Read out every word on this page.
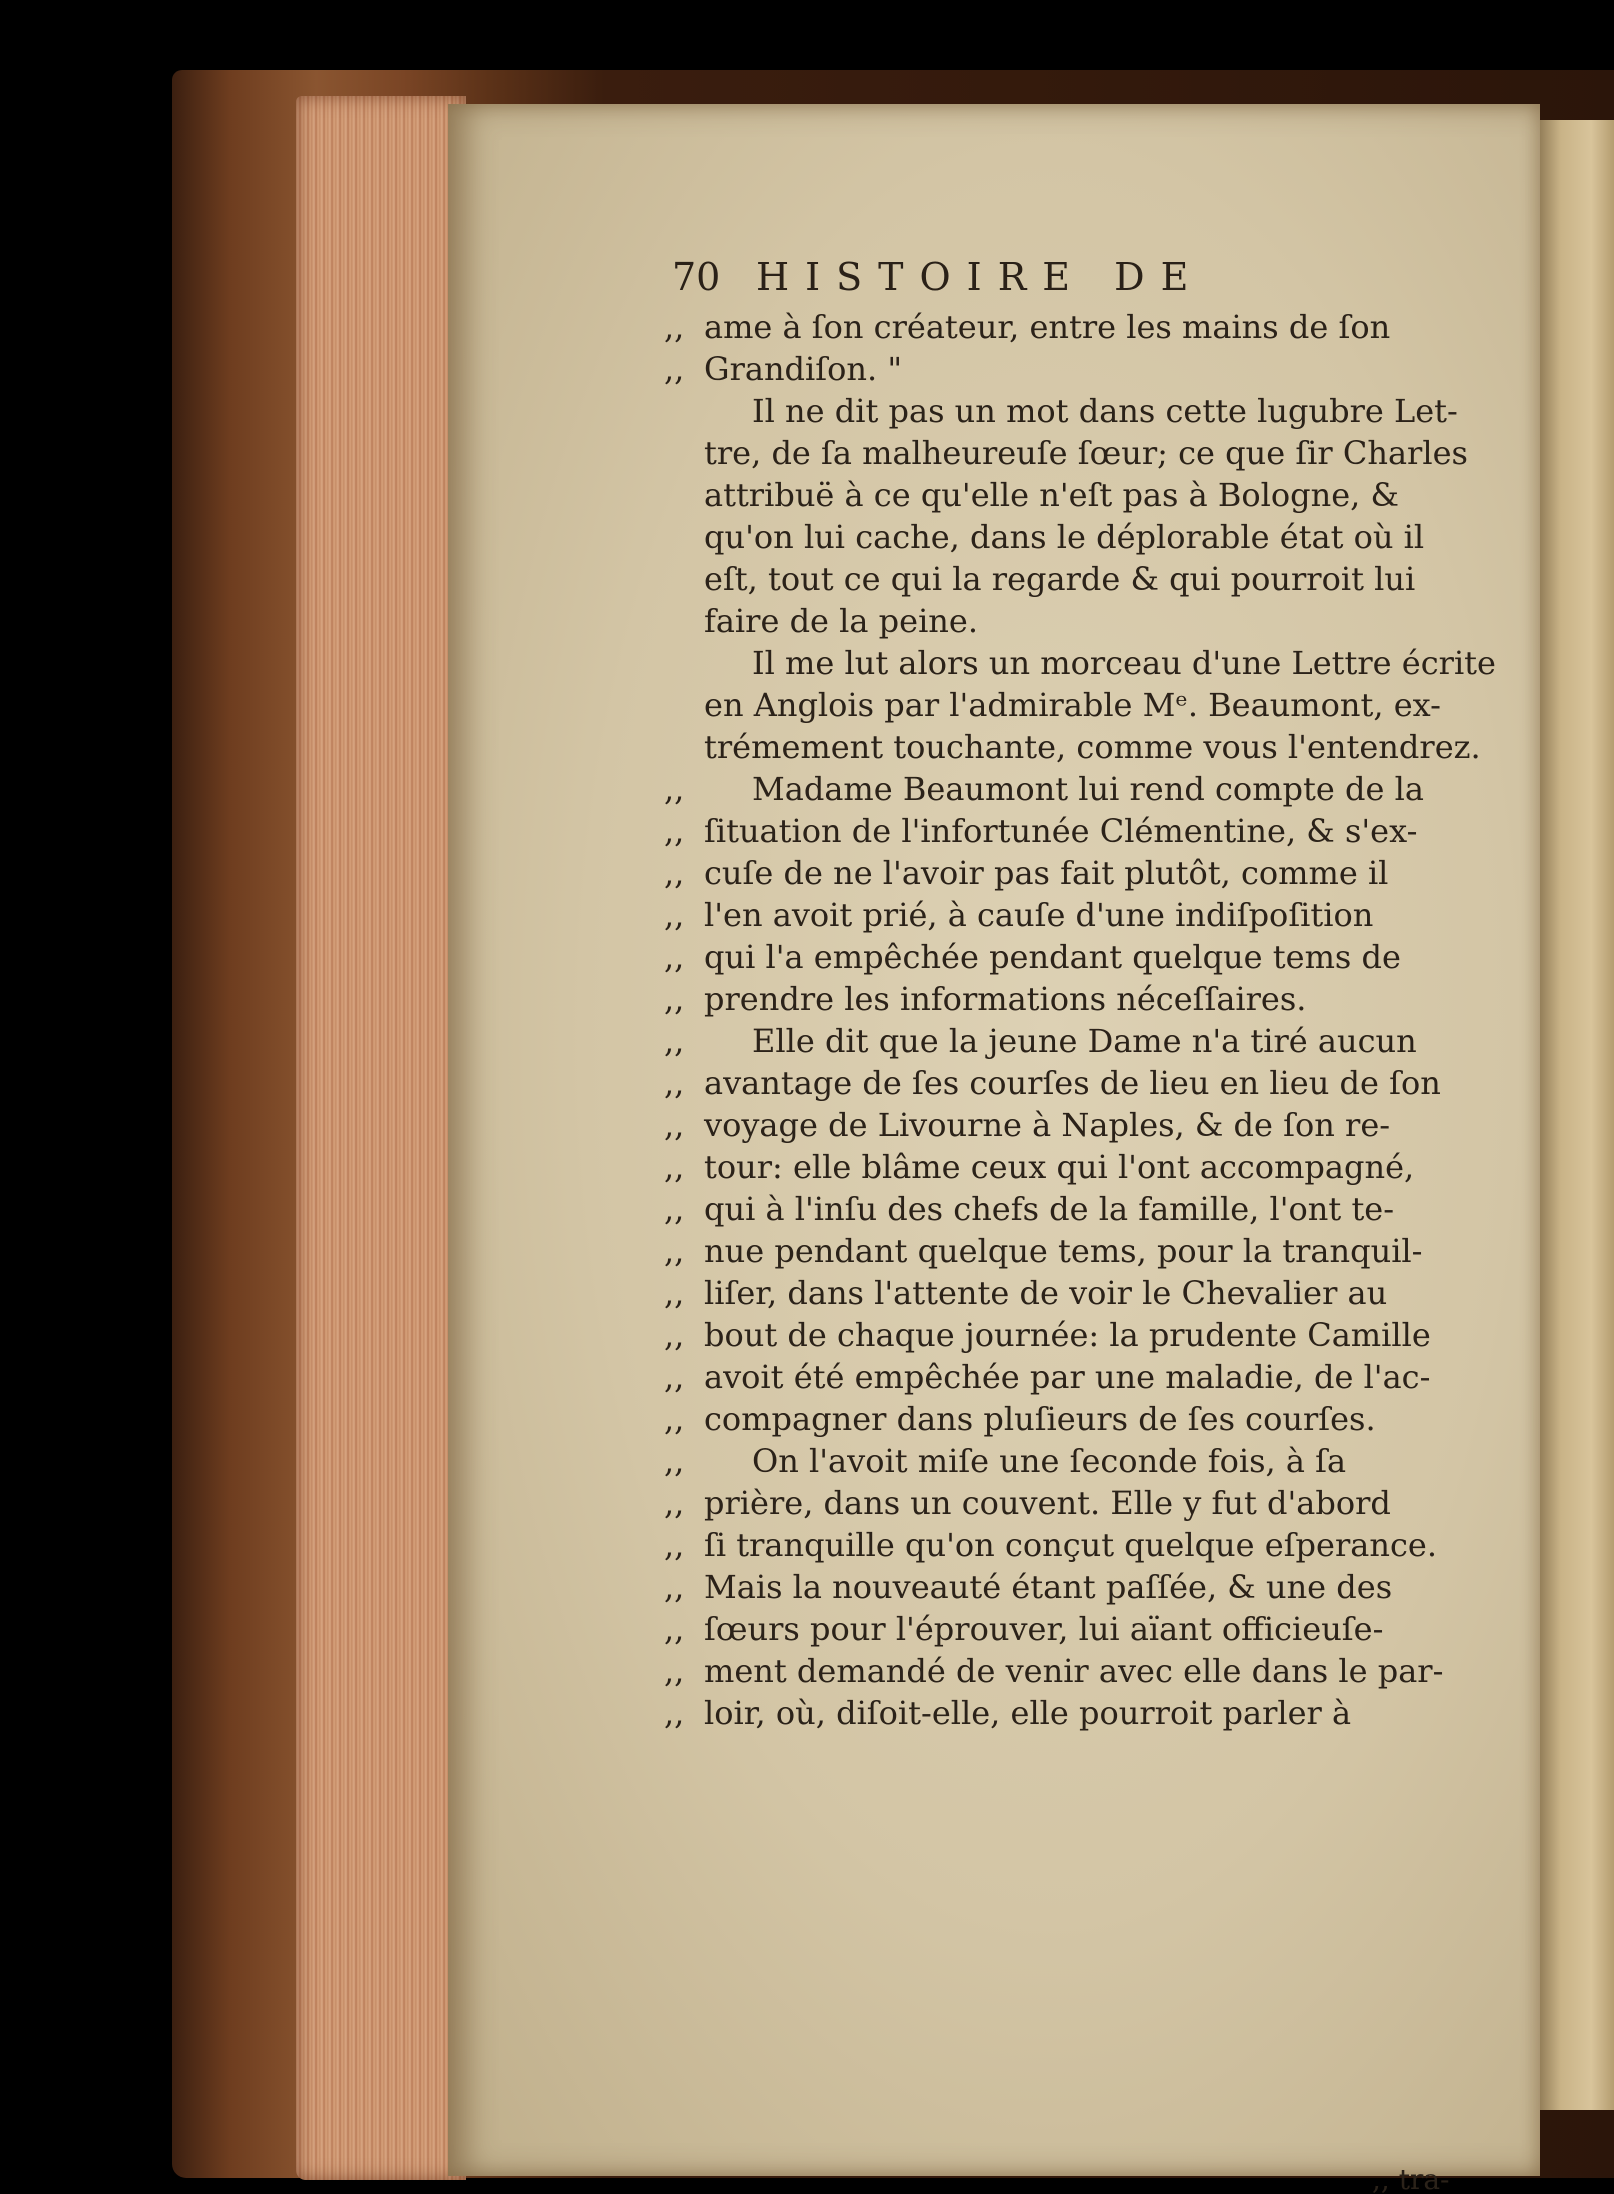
70 HISTOIRE DE
,, ame à ſon créateur, entre les mains de ſon
,, Grandiſon. "
Il ne dit pas un mot dans cette lugubre Let-
tre, de ſa malheureuſe ſœur; ce que ſir Charles
attribuë à ce qu'elle n'eſt pas à Bologne, &
qu'on lui cache, dans le déplorable état où il
eſt, tout ce qui la regarde & qui pourroit lui
faire de la peine.
Il me lut alors un morceau d'une Lettre écrite
en Anglois par l'admirable Mᵉ. Beaumont, ex-
trémement touchante, comme vous l'entendrez.
,, Madame Beaumont lui rend compte de la
,, ſituation de l'infortunée Clémentine, & s'ex-
,, cuſe de ne l'avoir pas fait plutôt, comme il
,, l'en avoit prié, à cauſe d'une indiſpoſition
,, qui l'a empêchée pendant quelque tems de
,, prendre les informations néceſſaires.
,, Elle dit que la jeune Dame n'a tiré aucun
,, avantage de ſes courſes de lieu en lieu de ſon
,, voyage de Livourne à Naples, & de ſon re-
,, tour: elle blâme ceux qui l'ont accompagné,
,, qui à l'inſu des chefs de la famille, l'ont te-
,, nue pendant quelque tems, pour la tranquil-
,, liſer, dans l'attente de voir le Chevalier au
,, bout de chaque journée: la prudente Camille
,, avoit été empêchée par une maladie, de l'ac-
,, compagner dans pluſieurs de ſes courſes.
,, On l'avoit miſe une ſeconde fois, à ſa
,, prière, dans un couvent. Elle y fut d'abord
,, ſi tranquille qu'on conçut quelque eſperance.
,, Mais la nouveauté étant paſſée, & une des
,, ſœurs pour l'éprouver, lui aïant officieuſe-
,, ment demandé de venir avec elle dans le par-
,, loir, où, diſoit-elle, elle pourroit parler à
,, tra-
